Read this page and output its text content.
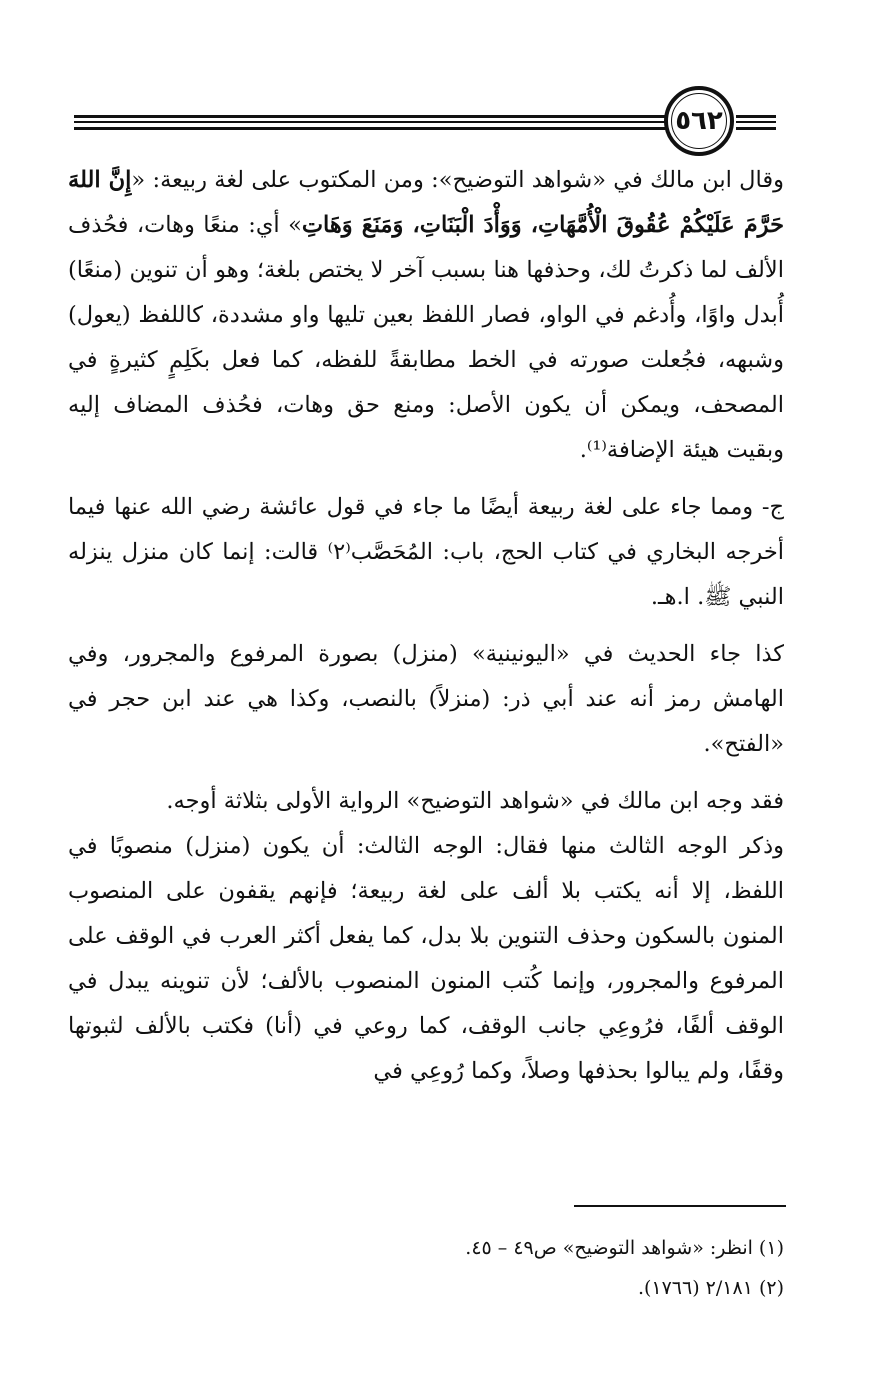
٥٦٢

وقال ابن مالك في «شواهد التوضيح»: ومن المكتوب على لغة ربيعة: «إِنَّ اللهَ حَرَّمَ عَلَيْكُمْ عُقُوقَ الْأُمَّهَاتِ، وَوَأْدَ الْبَنَاتِ، وَمَنَعَ وَهَاتِ» أي: منعًا وهات، فحُذف الألف لما ذكرتُ لك، وحذفها هنا بسبب آخر لا يختص بلغة؛ وهو أن تنوين (منعًا) أُبدل واوًا، وأُدغم في الواو، فصار اللفظ بعين تليها واو مشددة، كاللفظ (يعول) وشبهه، فجُعلت صورته في الخط مطابقةً للفظه، كما فعل بكَلِمٍ كثيرةٍ في المصحف، ويمكن أن يكون الأصل: ومنع حق وهات، فحُذف المضاف إليه وبقيت هيئة الإضافة⁽¹⁾.

ج- ومما جاء على لغة ربيعة أيضًا ما جاء في قول عائشة رضي الله عنها فيما أخرجه البخاري في كتاب الحج، باب: المُحَصَّب⁽٢⁾ قالت: إنما كان منزل ينزله النبي ﷺ. ا.هـ.

كذا جاء الحديث في «اليونينية» (منزل) بصورة المرفوع والمجرور، وفي الهامش رمز أنه عند أبي ذر: (منزلاً) بالنصب، وكذا هي عند ابن حجر في «الفتح».

فقد وجه ابن مالك في «شواهد التوضيح» الرواية الأولى بثلاثة أوجه.

وذكر الوجه الثالث منها فقال: الوجه الثالث: أن يكون (منزل) منصوبًا في اللفظ، إلا أنه يكتب بلا ألف على لغة ربيعة؛ فإنهم يقفون على المنصوب المنون بالسكون وحذف التنوين بلا بدل، كما يفعل أكثر العرب في الوقف على المرفوع والمجرور، وإنما كُتب المنون المنصوب بالألف؛ لأن تنوينه يبدل في الوقف ألفًا، فرُوعِي جانب الوقف، كما روعي في (أنا) فكتب بالألف لثبوتها وقفًا، ولم يبالوا بحذفها وصلاً، وكما رُوعِي في

(١) انظر: «شواهد التوضيح» ص٤٩ – ٤٥.

(٢) ٢/١٨١ (١٧٦٦).
